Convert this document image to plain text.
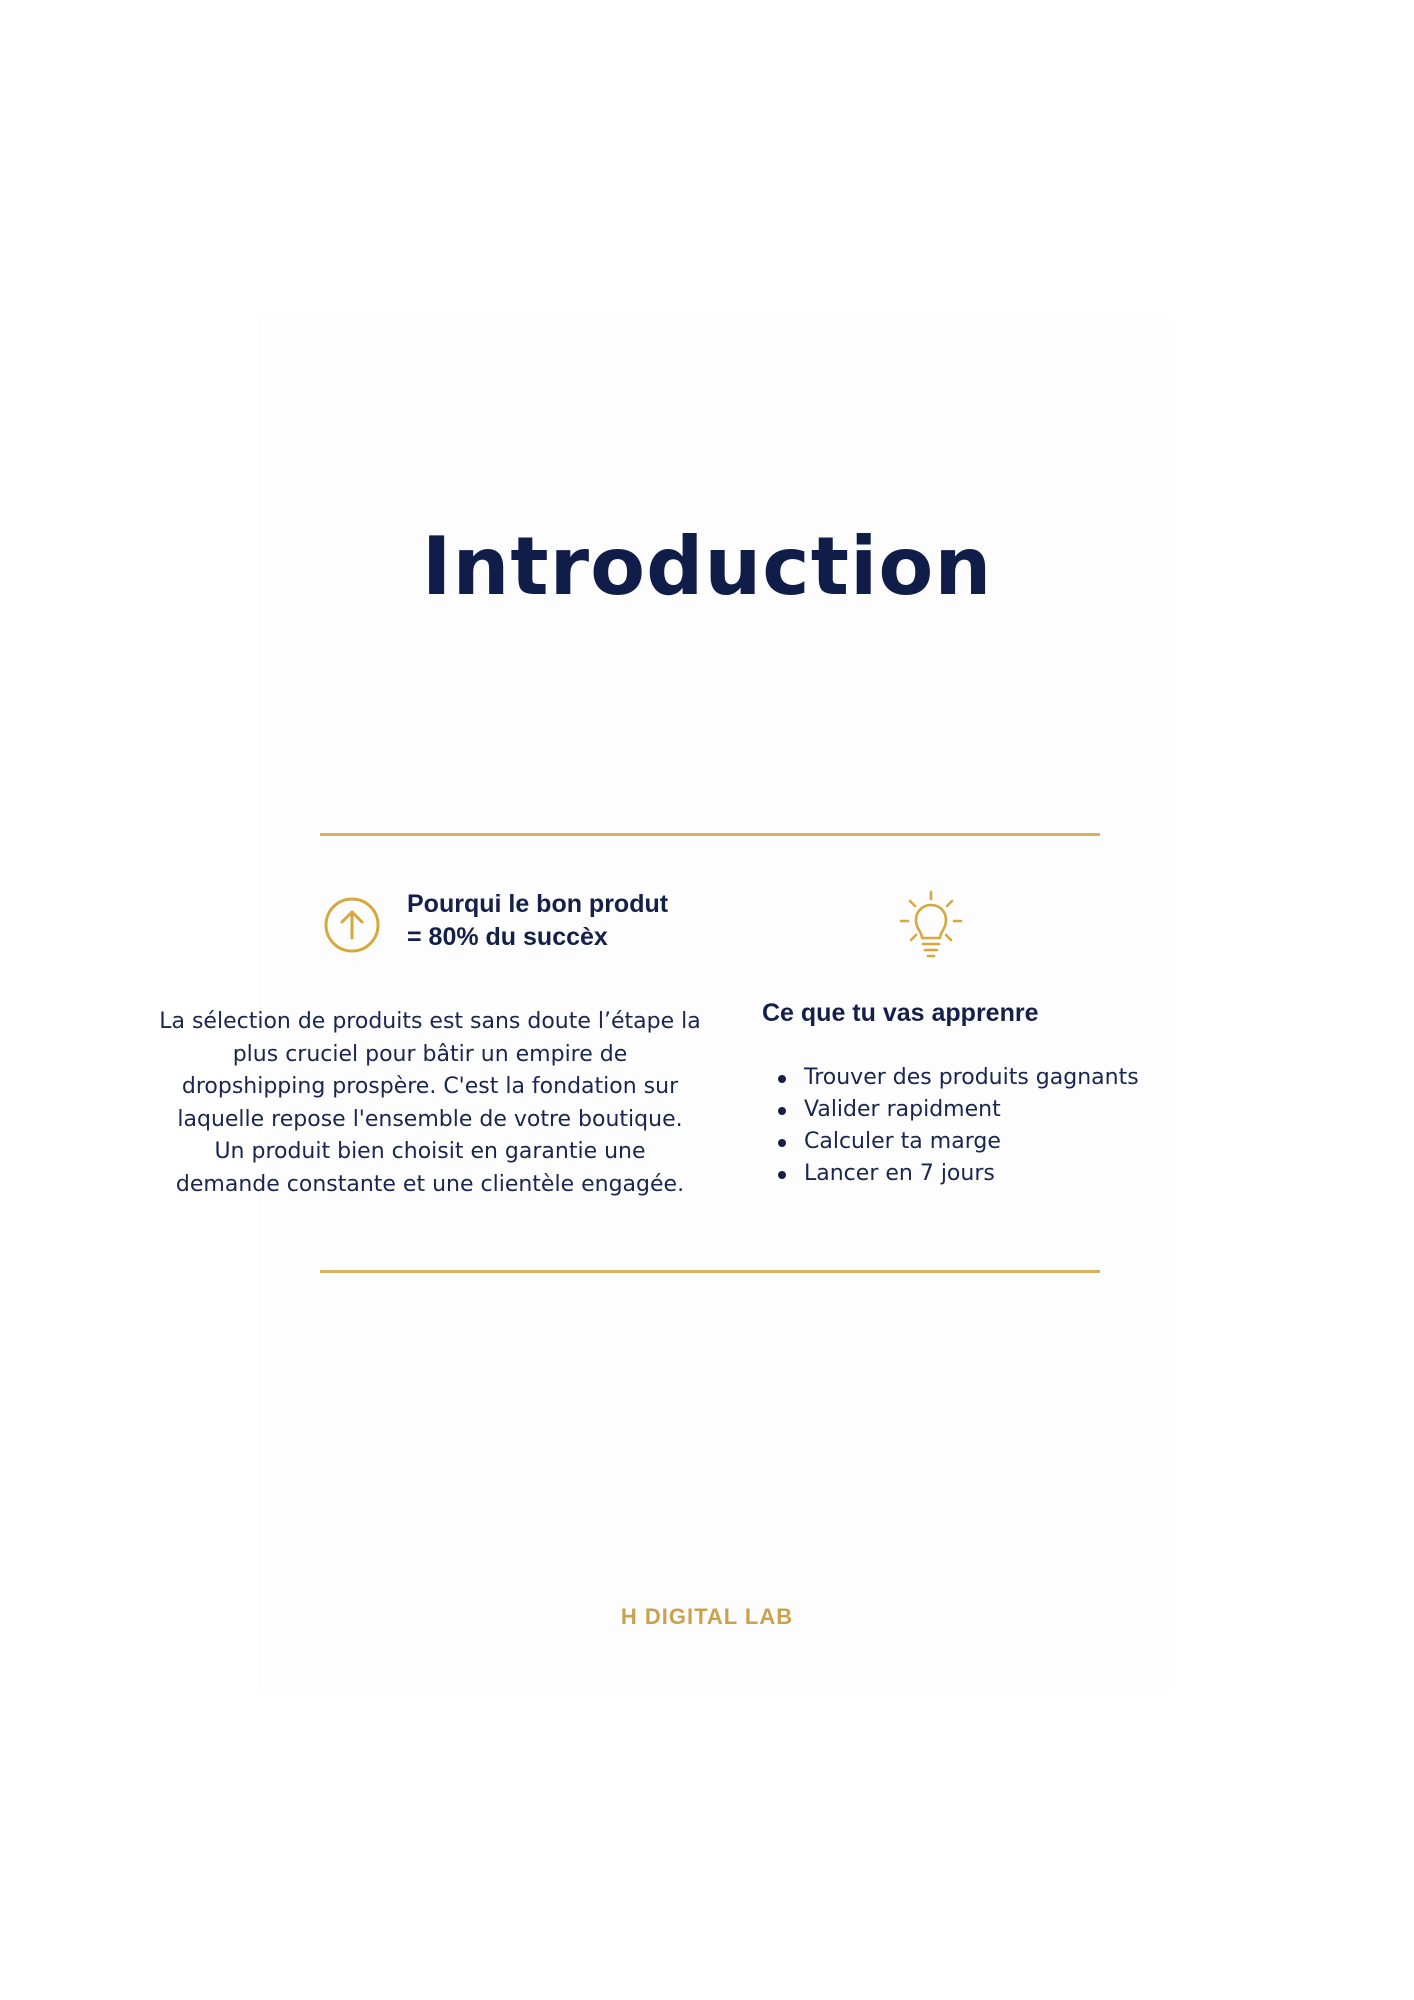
Introduction
Pourqui le bon produt
= 80% du succèx

La sélection de produits est sans doute l’étape la
plus cruciel pour bâtir un empire de
dropshipping prospère. C'est la fondation sur
laquelle repose l'ensemble de votre boutique.
Un produit bien choisit en garantie une
demande constante et une clientèle engagée.

Ce que tu vas apprenre
Trouver des produits gagnants
Valider rapidment
Calculer ta marge
Lancer en 7 jours

H DIGITAL LAB
